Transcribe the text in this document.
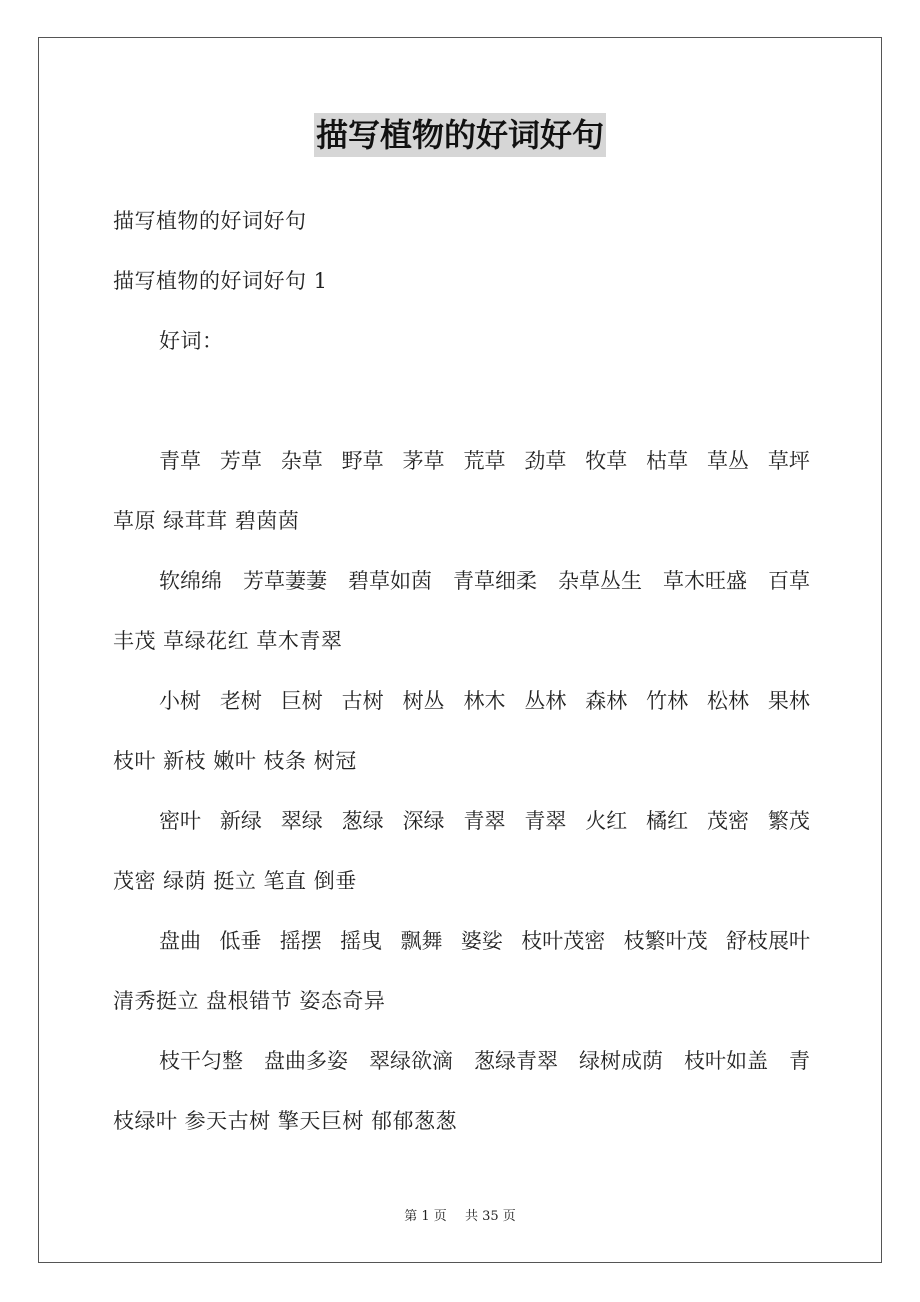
描写植物的好词好句
描写植物的好词好句
描写植物的好词好句 1
好词：
青草 芳草 杂草 野草 茅草 荒草 劲草 牧草 枯草 草丛 草坪
草原 绿茸茸 碧茵茵
软绵绵 芳草萋萋 碧草如茵 青草细柔 杂草丛生 草木旺盛 百草
丰茂 草绿花红 草木青翠
小树 老树 巨树 古树 树丛 林木 丛林 森林 竹林 松林 果林
枝叶 新枝 嫩叶 枝条 树冠
密叶 新绿 翠绿 葱绿 深绿 青翠 青翠 火红 橘红 茂密 繁茂
茂密 绿荫 挺立 笔直 倒垂
盘曲 低垂 摇摆 摇曳 飘舞 婆娑 枝叶茂密 枝繁叶茂 舒枝展叶
清秀挺立 盘根错节 姿态奇异
枝干匀整 盘曲多姿 翠绿欲滴 葱绿青翠 绿树成荫 枝叶如盖 青
枝绿叶 参天古树 擎天巨树 郁郁葱葱
第 1 页 共 35 页
